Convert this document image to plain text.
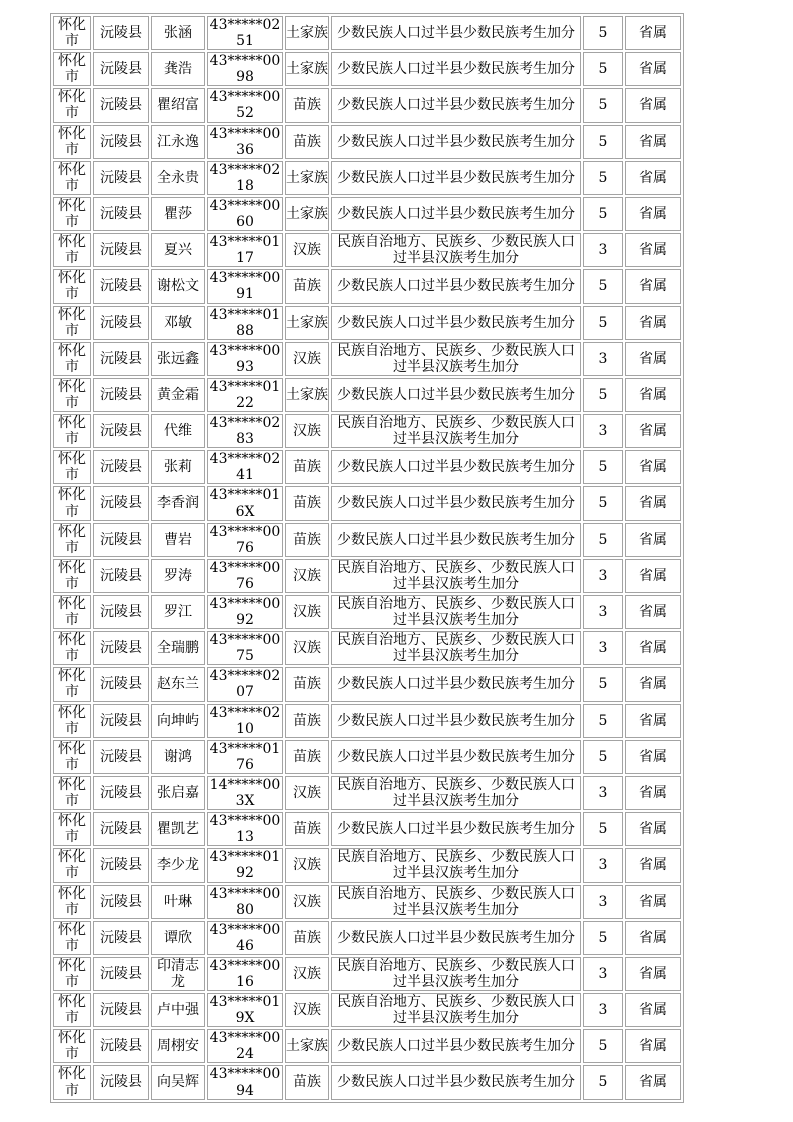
怀化市	沅陵县	张涵	43*****0251	土家族	少数民族人口过半县少数民族考生加分	5	省属
怀化市	沅陵县	龚浩	43*****0098	土家族	少数民族人口过半县少数民族考生加分	5	省属
怀化市	沅陵县	瞿绍富	43*****0052	苗族	少数民族人口过半县少数民族考生加分	5	省属
怀化市	沅陵县	江永逸	43*****0036	苗族	少数民族人口过半县少数民族考生加分	5	省属
怀化市	沅陵县	全永贵	43*****0218	土家族	少数民族人口过半县少数民族考生加分	5	省属
怀化市	沅陵县	瞿莎	43*****0060	土家族	少数民族人口过半县少数民族考生加分	5	省属
怀化市	沅陵县	夏兴	43*****0117	汉族	民族自治地方、民族乡、少数民族人口过半县汉族考生加分	3	省属
怀化市	沅陵县	谢松文	43*****0091	苗族	少数民族人口过半县少数民族考生加分	5	省属
怀化市	沅陵县	邓敏	43*****0188	土家族	少数民族人口过半县少数民族考生加分	5	省属
怀化市	沅陵县	张远鑫	43*****0093	汉族	民族自治地方、民族乡、少数民族人口过半县汉族考生加分	3	省属
怀化市	沅陵县	黄金霜	43*****0122	土家族	少数民族人口过半县少数民族考生加分	5	省属
怀化市	沅陵县	代维	43*****0283	汉族	民族自治地方、民族乡、少数民族人口过半县汉族考生加分	3	省属
怀化市	沅陵县	张莉	43*****0241	苗族	少数民族人口过半县少数民族考生加分	5	省属
怀化市	沅陵县	李香润	43*****016X	苗族	少数民族人口过半县少数民族考生加分	5	省属
怀化市	沅陵县	曹岩	43*****0076	苗族	少数民族人口过半县少数民族考生加分	5	省属
怀化市	沅陵县	罗涛	43*****0076	汉族	民族自治地方、民族乡、少数民族人口过半县汉族考生加分	3	省属
怀化市	沅陵县	罗江	43*****0092	汉族	民族自治地方、民族乡、少数民族人口过半县汉族考生加分	3	省属
怀化市	沅陵县	全瑞鹏	43*****0075	汉族	民族自治地方、民族乡、少数民族人口过半县汉族考生加分	3	省属
怀化市	沅陵县	赵东兰	43*****0207	苗族	少数民族人口过半县少数民族考生加分	5	省属
怀化市	沅陵县	向坤屿	43*****0210	苗族	少数民族人口过半县少数民族考生加分	5	省属
怀化市	沅陵县	谢鸿	43*****0176	苗族	少数民族人口过半县少数民族考生加分	5	省属
怀化市	沅陵县	张启嘉	14*****003X	汉族	民族自治地方、民族乡、少数民族人口过半县汉族考生加分	3	省属
怀化市	沅陵县	瞿凯艺	43*****0013	苗族	少数民族人口过半县少数民族考生加分	5	省属
怀化市	沅陵县	李少龙	43*****0192	汉族	民族自治地方、民族乡、少数民族人口过半县汉族考生加分	3	省属
怀化市	沅陵县	叶琳	43*****0080	汉族	民族自治地方、民族乡、少数民族人口过半县汉族考生加分	3	省属
怀化市	沅陵县	谭欣	43*****0046	苗族	少数民族人口过半县少数民族考生加分	5	省属
怀化市	沅陵县	印清志龙	43*****0016	汉族	民族自治地方、民族乡、少数民族人口过半县汉族考生加分	3	省属
怀化市	沅陵县	卢中强	43*****019X	汉族	民族自治地方、民族乡、少数民族人口过半县汉族考生加分	3	省属
怀化市	沅陵县	周栩安	43*****0024	土家族	少数民族人口过半县少数民族考生加分	5	省属
怀化市	沅陵县	向吴辉	43*****0094	苗族	少数民族人口过半县少数民族考生加分	5	省属
